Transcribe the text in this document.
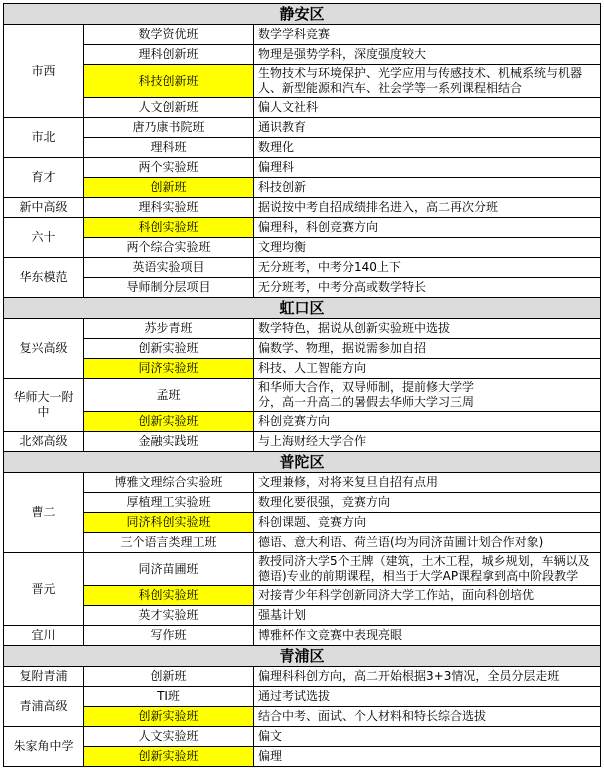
静安区		
市西	数学资优班	数学学科竞赛
	理科创新班	物理是强势学科，深度强度较大
	科技创新班	生物技术与环境保护、光学应用与传感技术、机械系统与机器
人、新型能源和汽车、社会学等一系列课程相结合
	人文创新班	偏人文社科
市北	唐乃康书院班	通识教育
	理科班	数理化
育才	两个实验班	偏理科
	创新班	科技创新
新中高级	理科实验班	据说按中考自招成绩排名进入，高二再次分班
六十	科创实验班	偏理科，科创竞赛方向
	两个综合实验班	文理均衡
华东模范	英语实验项目	无分班考，中考分140上下
	导师制分层项目	无分班考，中考分高或数学特长
虹口区		
复兴高级	苏步青班	数学特色，据说从创新实验班中选拔
	创新实验班	偏数学、物理，据说需参加自招
	同济实验班	科技、人工智能方向
华师大一附中	孟班	和华师大合作，双导师制，提前修大学学
分，高一升高二的暑假去华师大学习三周
	创新实验班	科创竞赛方向
北郊高级	金融实践班	与上海财经大学合作
普陀区		
曹二	博雅文理综合实验班	文理兼修，对将来复旦自招有点用
	厚植理工实验班	数理化要很强，竞赛方向
	同济科创实验班	科创课题、竞赛方向
	三个语言类理工班	德语、意大利语、荷兰语(均为同济苗圃计划合作对象)
晋元	同济苗圃班	教授同济大学5个王牌（建筑，土木工程，城乡规划，车辆以及
德语)专业的前期课程，相当于大学AP课程拿到高中阶段教学
	科创实验班	对接青少年科学创新同济大学工作站，面向科创培优
	英才实验班	强基计划
宜川	写作班	博雅杯作文竞赛中表现亮眼
青浦区		
复附青浦	创新班	偏理科科创方向，高二开始根据3+3情况，全员分层走班
青浦高级	TI班	通过考试选拔
	创新实验班	结合中考、面试、个人材料和特长综合选拔
朱家角中学	人文实验班	偏文
	创新实验班	偏理
